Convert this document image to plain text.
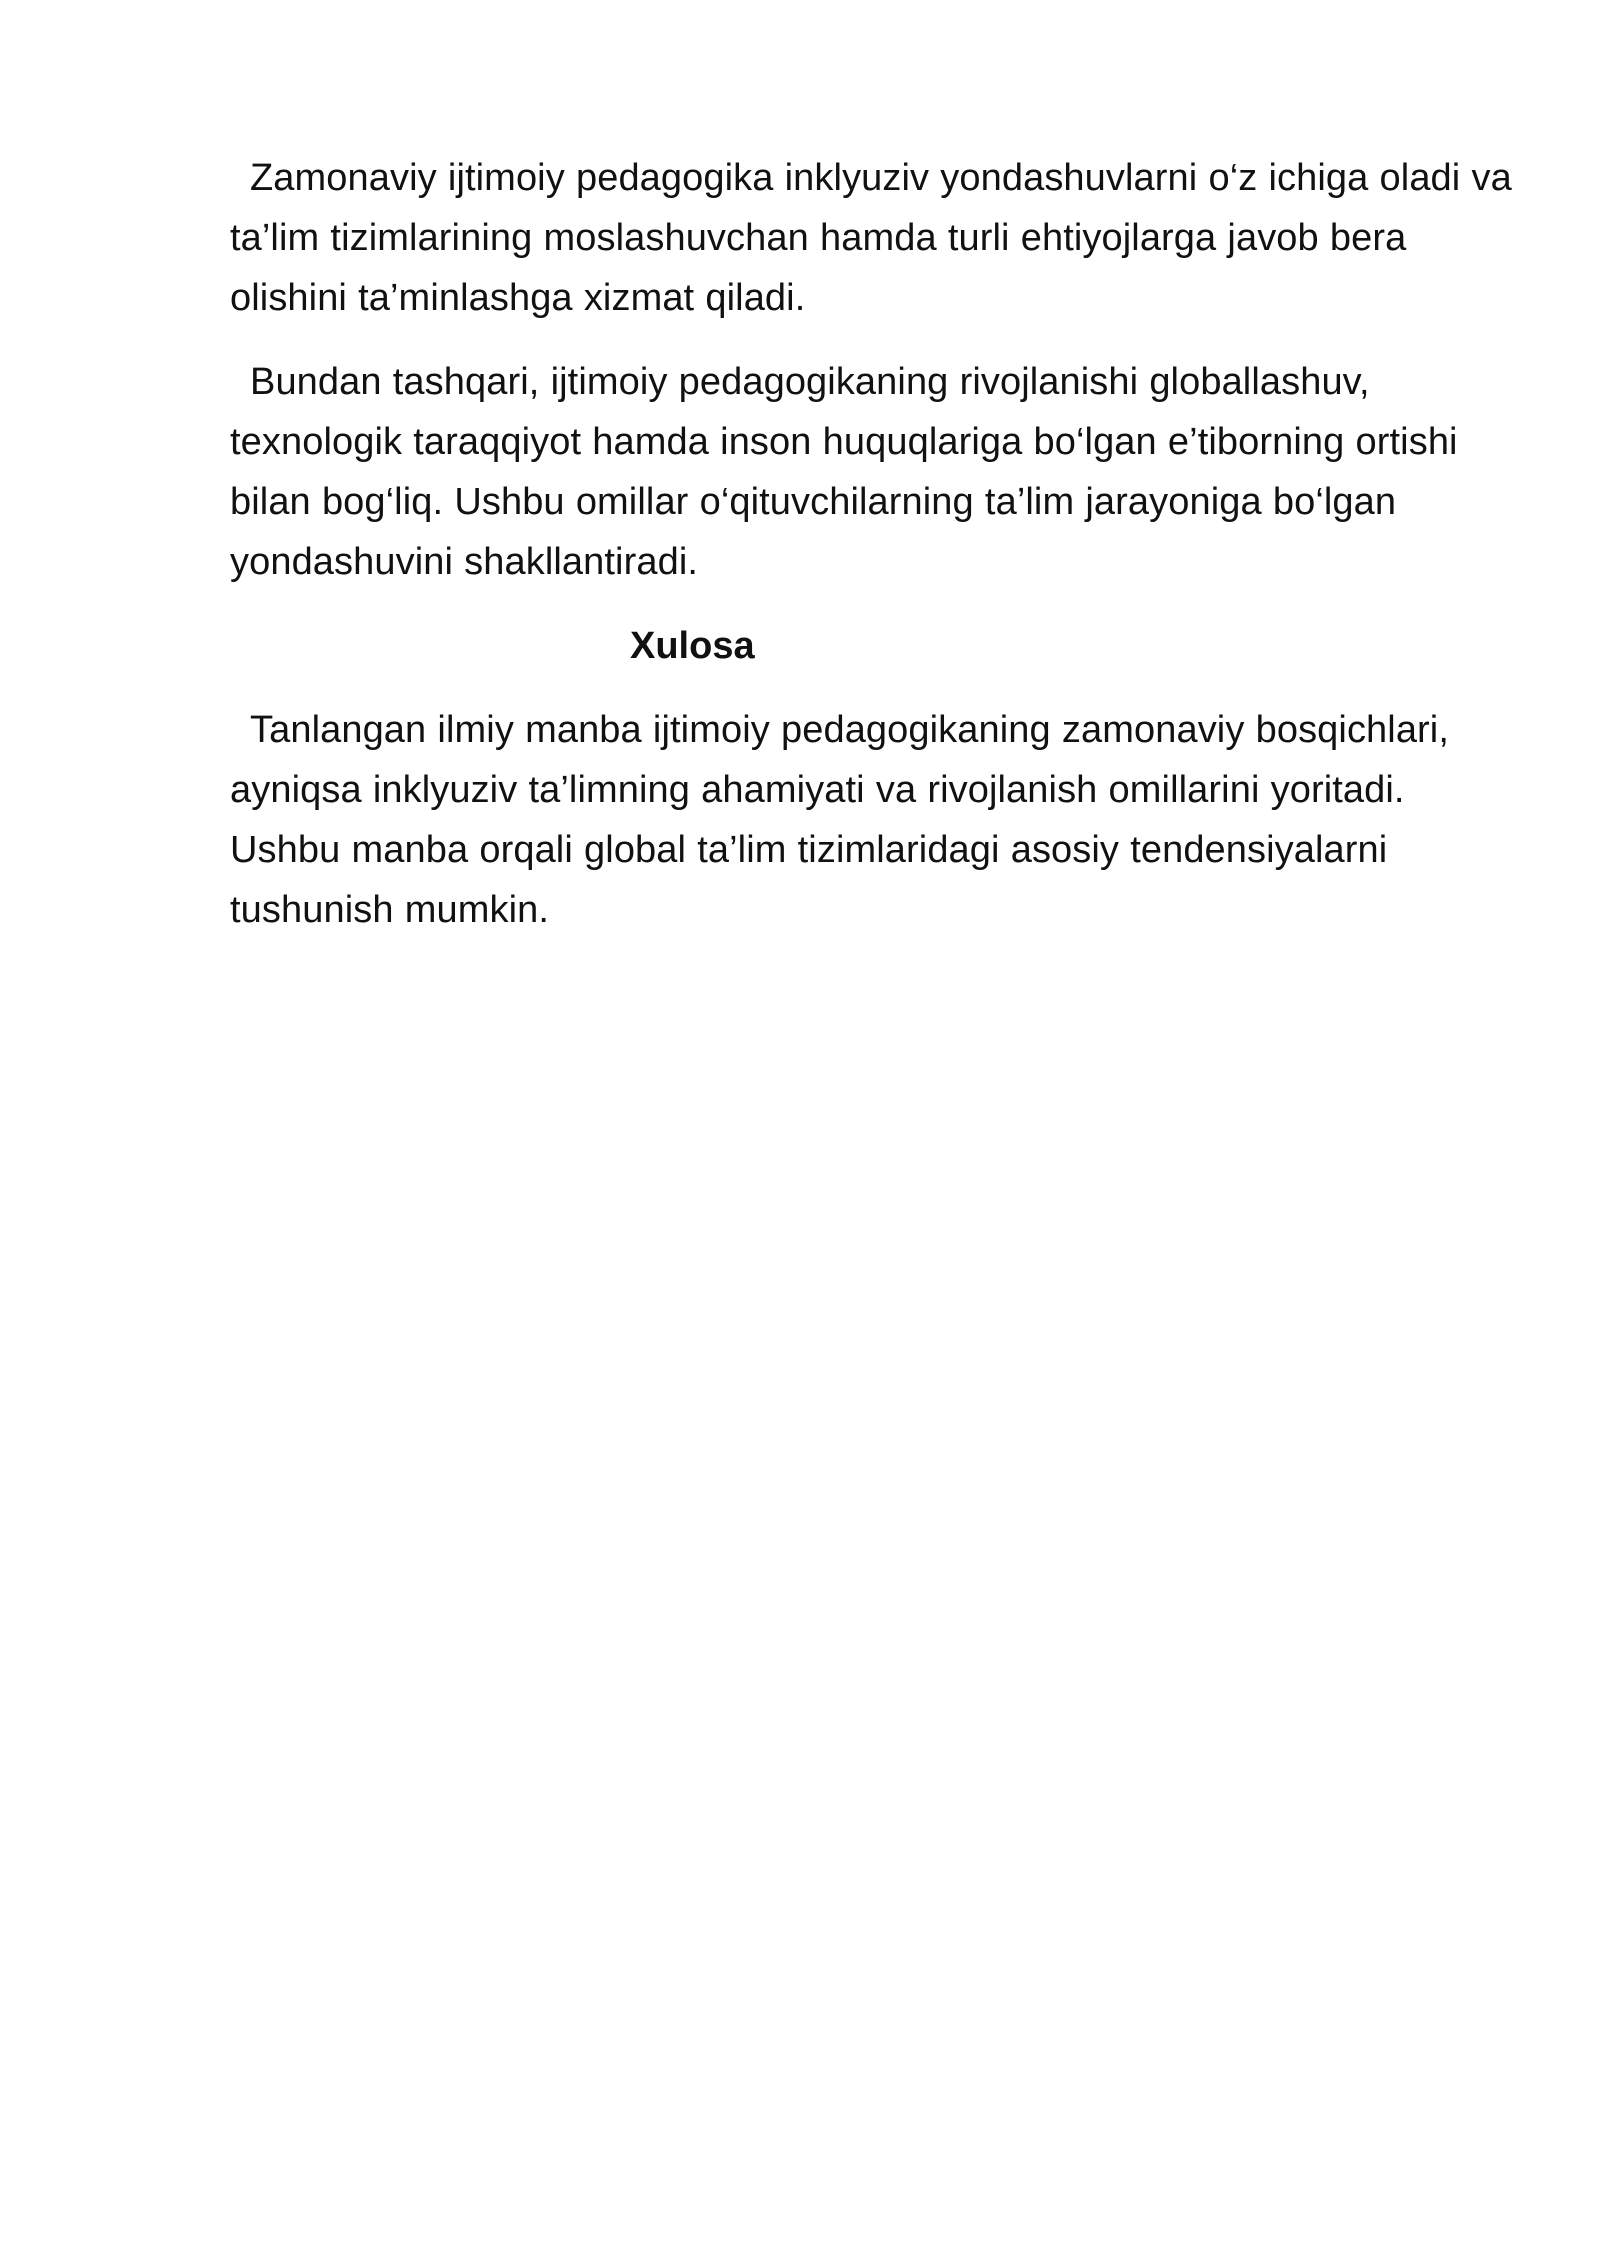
Zamonaviy ijtimoiy pedagogika inklyuziv yondashuvlarni o‘z ichiga oladi va ta’lim tizimlarining moslashuvchan hamda turli ehtiyojlarga javob bera olishini ta’minlashga xizmat qiladi.

Bundan tashqari, ijtimoiy pedagogikaning rivojlanishi globallashuv, texnologik taraqqiyot hamda inson huquqlariga bo‘lgan e’tiborning ortishi bilan bog‘liq. Ushbu omillar o‘qituvchilarning ta’lim jarayoniga bo‘lgan yondashuvini shakllantiradi.

Xulosa

Tanlangan ilmiy manba ijtimoiy pedagogikaning zamonaviy bosqichlari, ayniqsa inklyuziv ta’limning ahamiyati va rivojlanish omillarini yoritadi. Ushbu manba orqali global ta’lim tizimlaridagi asosiy tendensiyalarni tushunish mumkin.
